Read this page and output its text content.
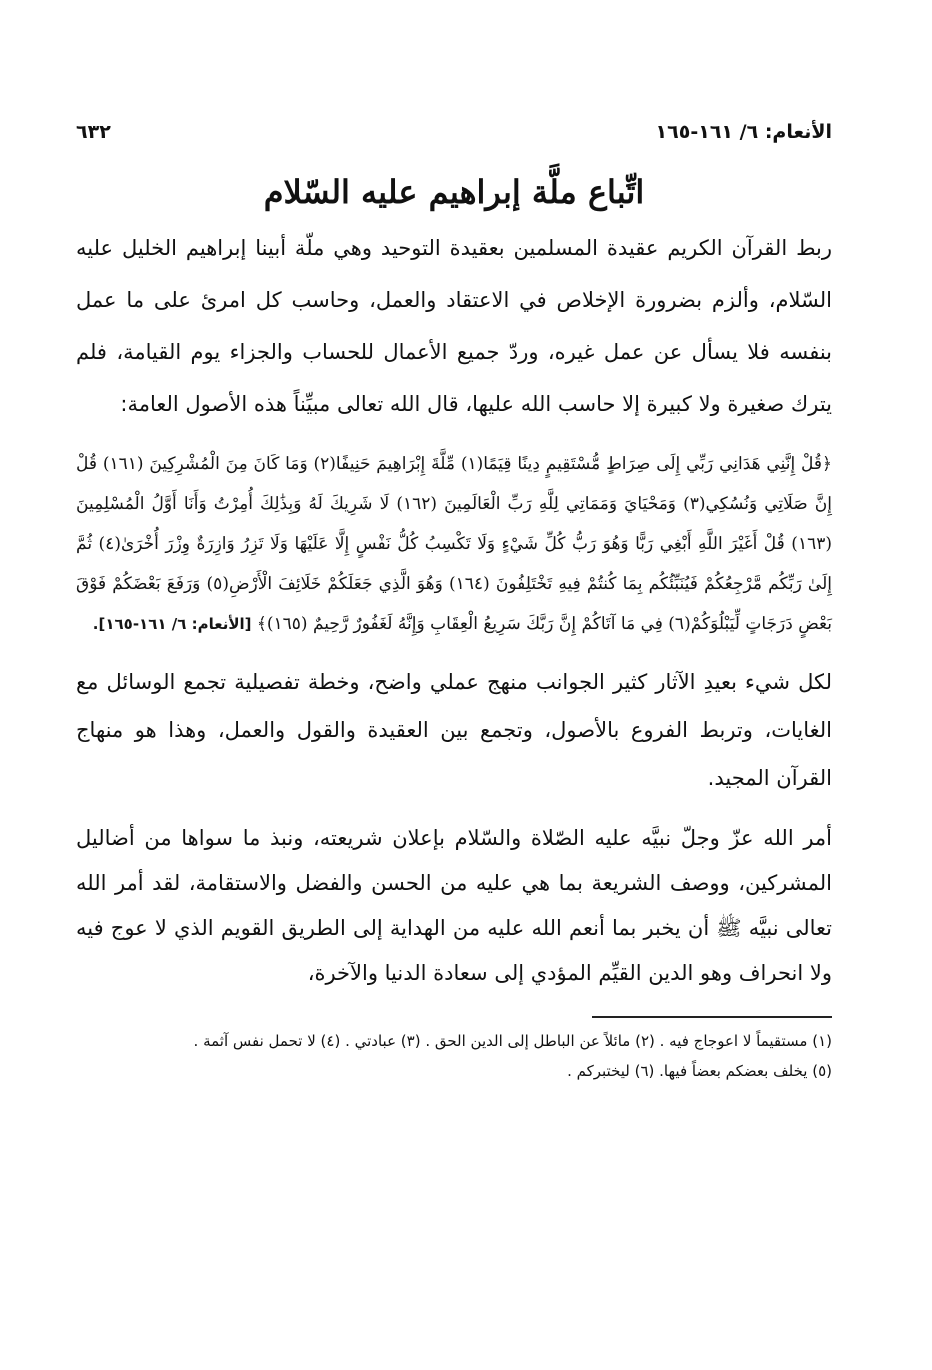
الأنعام: ٦/ ١٦١-١٦٥
٦٣٢
اتِّباع ملَّة إبراهيم عليه السّلام
ربط القرآن الكريم عقيدة المسلمين بعقيدة التوحيد وهي ملّة أبينا إبراهيم الخليل عليه السّلام، وألزم بضرورة الإخلاص في الاعتقاد والعمل، وحاسب كل امرئ على ما عمل بنفسه فلا يسأل عن عمل غيره، وردّ جميع الأعمال للحساب والجزاء يوم القيامة، فلم يترك صغيرة ولا كبيرة إلا حاسب الله عليها، قال الله تعالى مبيِّناً هذه الأصول العامة:
﴿قُلْ إِنَّنِي هَدَانِي رَبِّي إِلَى صِرَاطٍ مُّسْتَقِيمٍ دِينًا قِيَمًا(١) مِّلَّةَ إِبْرَاهِيمَ حَنِيفًا(٢) وَمَا كَانَ مِنَ الْمُشْرِكِينَ (١٦١) قُلْ إِنَّ صَلَاتِي وَنُسُكِي(٣) وَمَحْيَايَ وَمَمَاتِي لِلَّهِ رَبِّ الْعَالَمِينَ (١٦٢) لَا شَرِيكَ لَهُ وَبِذَٰلِكَ أُمِرْتُ وَأَنَا أَوَّلُ الْمُسْلِمِينَ (١٦٣) قُلْ أَغَيْرَ اللَّهِ أَبْغِي رَبًّا وَهُوَ رَبُّ كُلِّ شَيْءٍ وَلَا تَكْسِبُ كُلُّ نَفْسٍ إِلَّا عَلَيْهَا وَلَا تَزِرُ وَازِرَةٌ وِزْرَ أُخْرَىٰ(٤) ثُمَّ إِلَىٰ رَبِّكُم مَّرْجِعُكُمْ فَيُنَبِّئُكُم بِمَا كُنتُمْ فِيهِ تَخْتَلِفُونَ (١٦٤) وَهُوَ الَّذِي جَعَلَكُمْ خَلَائِفَ الْأَرْضِ(٥) وَرَفَعَ بَعْضَكُمْ فَوْقَ بَعْضٍ دَرَجَاتٍ لِّيَبْلُوَكُمْ(٦) فِي مَا آتَاكُمْ إِنَّ رَبَّكَ سَرِيعُ الْعِقَابِ وَإِنَّهُ لَغَفُورٌ رَّحِيمٌ (١٦٥)﴾ [الأنعام: ٦/ ١٦١-١٦٥].
لكل شيء بعيدِ الآثار كثير الجوانب منهج عملي واضح، وخطة تفصيلية تجمع الوسائل مع الغايات، وتربط الفروع بالأصول، وتجمع بين العقيدة والقول والعمل، وهذا هو منهاج القرآن المجيد.
أمر الله عزّ وجلّ نبيَّه عليه الصّلاة والسّلام بإعلان شريعته، ونبذ ما سواها من أضاليل المشركين، ووصف الشريعة بما هي عليه من الحسن والفضل والاستقامة، لقد أمر الله تعالى نبيَّه ﷺ أن يخبر بما أنعم الله عليه من الهداية إلى الطريق القويم الذي لا عوج فيه ولا انحراف وهو الدين القيِّم المؤدي إلى سعادة الدنيا والآخرة،
(١) مستقيماً لا اعوجاج فيه . (٢) مائلاً عن الباطل إلى الدين الحق . (٣) عبادتي . (٤) لا تحمل نفس آثمة .
(٥) يخلف بعضكم بعضاً فيها. (٦) ليختبركم .
